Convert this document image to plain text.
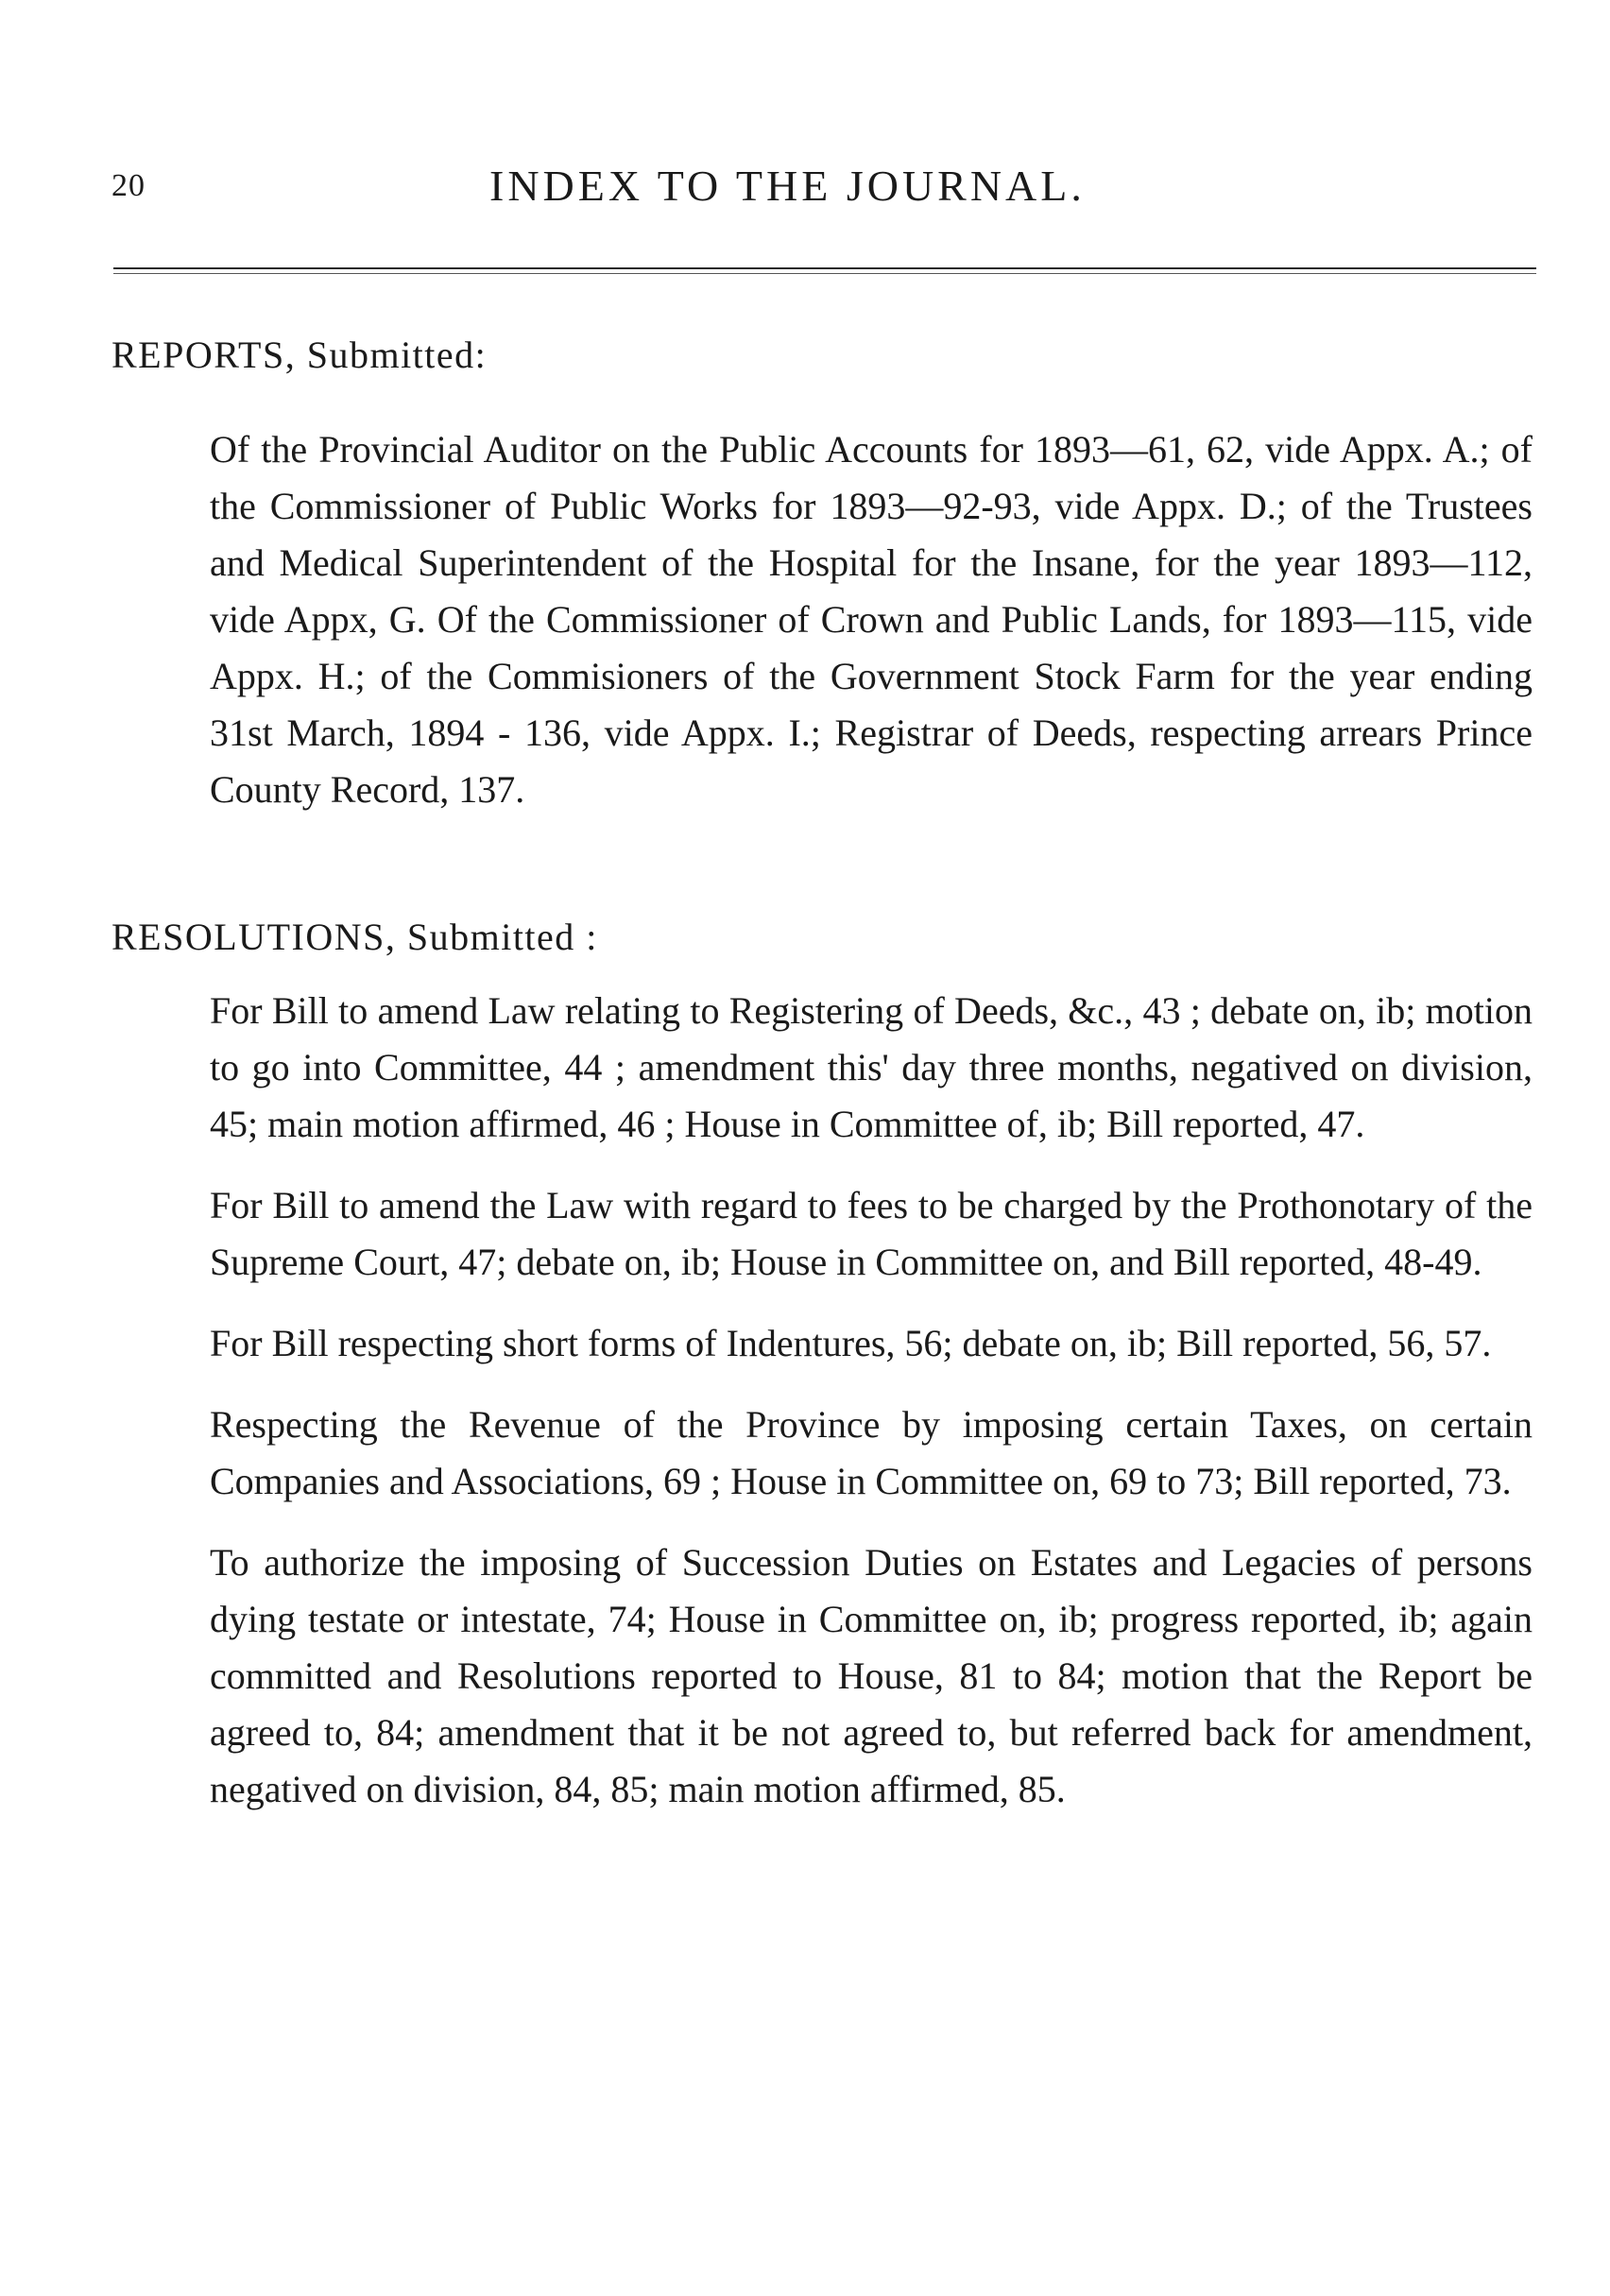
20	INDEX TO THE JOURNAL.
REPORTS, Submitted:

Of the Provincial Auditor on the Public Accounts for 1893—61, 62, vide Appx. A.; of the Commissioner of Public Works for 1893—92-93, vide Appx. D.; of the Trustees and Medical Superintendent of the Hospital for the Insane, for the year 1893—112, vide Appx, G. Of the Commissioner of Crown and Public Lands, for 1893—115, vide Appx. H.; of the Commisioners of the Government Stock Farm for the year ending 31st March, 1894 - 136, vide Appx. I.; Registrar of Deeds, respecting arrears Prince County Record, 137.

RESOLUTIONS, Submitted :

For Bill to amend Law relating to Registering of Deeds, &c., 43 ; debate on, ib; motion to go into Committee, 44 ; amendment this' day three months, negatived on division, 45; main motion affirmed, 46 ; House in Committee of, ib; Bill reported, 47.

For Bill to amend the Law with regard to fees to be charged by the Prothonotary of the Supreme Court, 47; debate on, ib; House in Committee on, and Bill reported, 48-49.

For Bill respecting short forms of Indentures, 56; debate on, ib; Bill reported, 56, 57.

Respecting the Revenue of the Province by imposing certain Taxes, on certain Companies and Associations, 69 ; House in Committee on, 69 to 73; Bill reported, 73.

To authorize the imposing of Succession Duties on Estates and Legacies of persons dying testate or intestate, 74; House in Committee on, ib; progress reported, ib; again committed and Resolutions reported to House, 81 to 84; motion that the Report be agreed to, 84; amendment that it be not agreed to, but referred back for amendment, negatived on division, 84, 85; main motion affirmed, 85.
